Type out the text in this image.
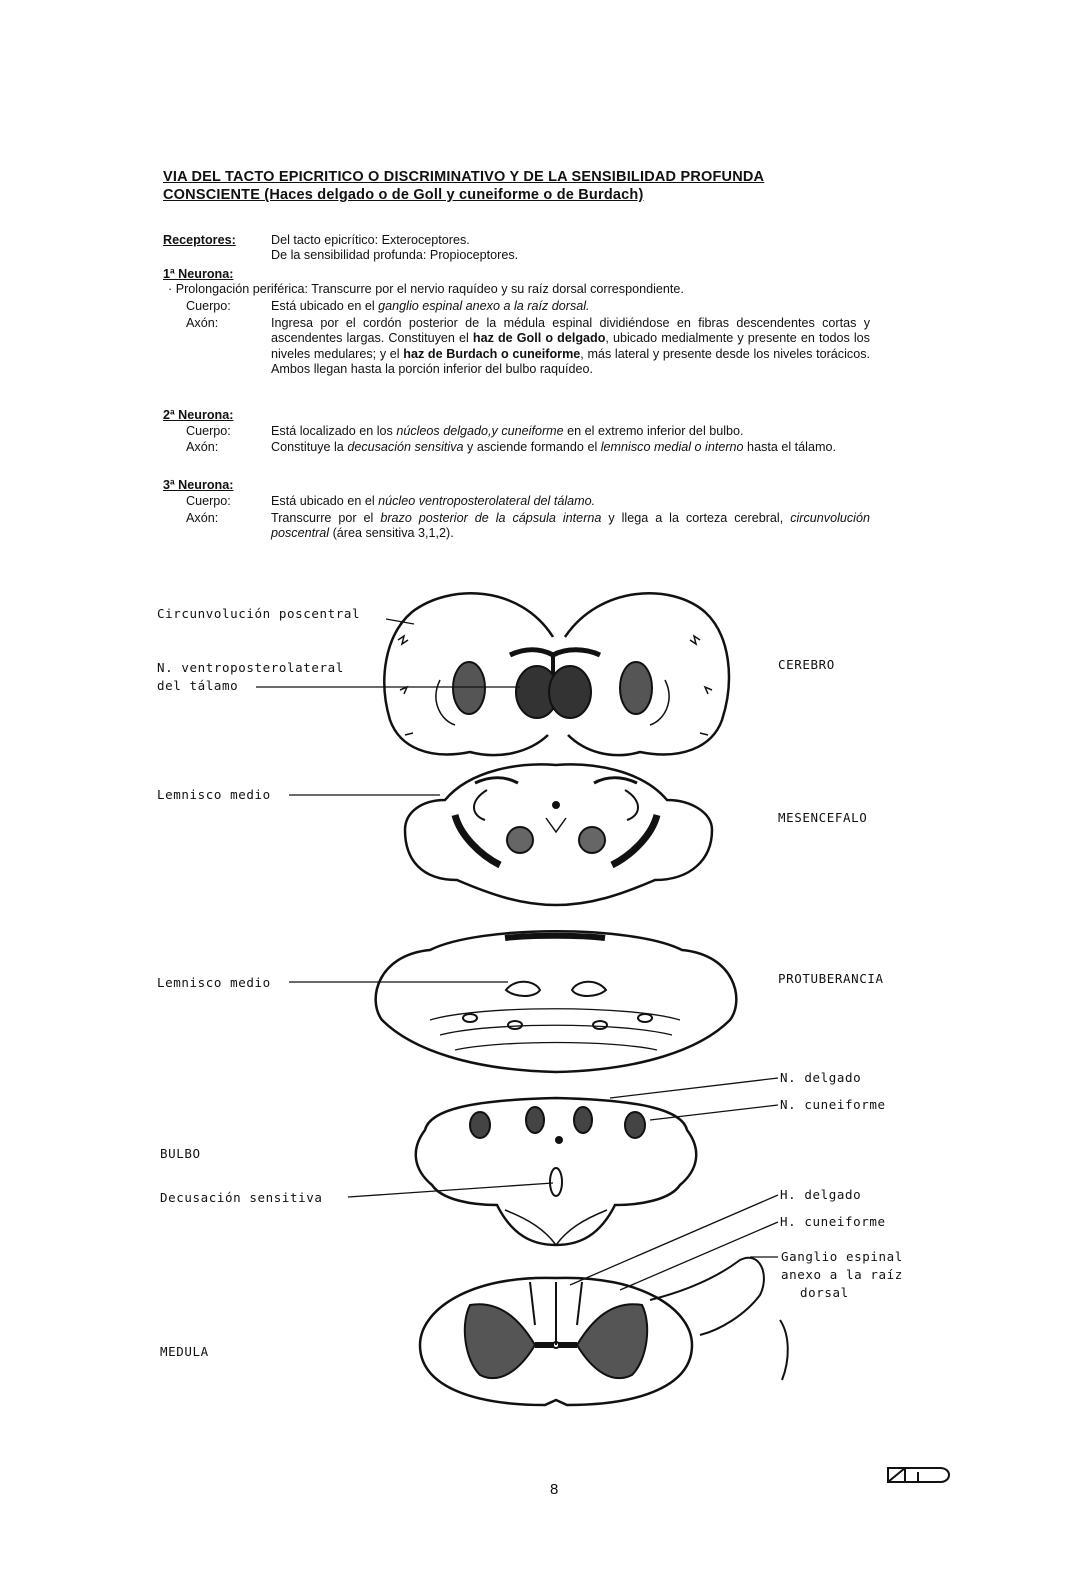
VIA DEL TACTO EPICRITICO O DISCRIMINATIVO Y DE LA SENSIBILIDAD PROFUNDA
CONSCIENTE (Haces delgado o de Goll y cuneiforme o de Burdach)
Receptores:	Del tacto epicrítico: Exteroceptores.
De la sensibilidad profunda: Propioceptores.
1ª Neurona:
· Prolongación periférica: Transcurre por el nervio raquídeo y su raíz dorsal correspondiente.
Cuerpo:	Está ubicado en el ganglio espinal anexo a la raíz dorsal.
Axón:	Ingresa por el cordón posterior de la médula espinal dividiéndose en fibras descendentes cortas y ascendentes largas. Constituyen el haz de Goll o delgado, ubicado medialmente y presente en todos los niveles medulares; y el haz de Burdach o cuneiforme, más lateral y presente desde los niveles torácicos. Ambos llegan hasta la porción inferior del bulbo raquídeo.
2ª Neurona:
Cuerpo:	Está localizado en los núcleos delgado,y cuneiforme en el extremo inferior del bulbo.
Axón:	Constituye la decusación sensitiva y asciende formando el lemnisco medial o interno hasta el tálamo.
3ª Neurona:
Cuerpo:	Está ubicado en el núcleo ventroposterolateral del tálamo.
Axón:	Transcurre por el brazo posterior de la cápsula interna y llega a la corteza cerebral, circunvolución poscentral (área sensitiva 3,1,2).
Circunvolución poscentral
N. ventroposterolateral
del tálamo
CEREBRO
Lemnisco medio
MESENCEFALO
Lemnisco medio	PROTUBERANCIA
N. delgado
N. cuneiforme
BULBO
Decusación sensitiva	H. delgado
H. cuneiforme
Ganglio espinal
anexo a la raíz
dorsal
MEDULA
8
